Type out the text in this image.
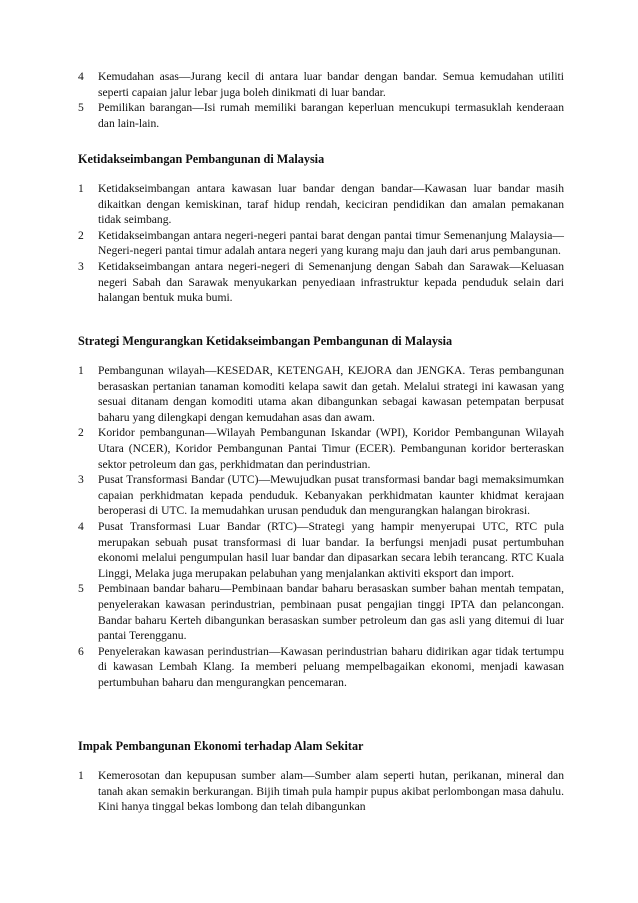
4 Kemudahan asas—Jurang kecil di antara luar bandar dengan bandar. Semua kemudahan utiliti seperti capaian jalur lebar juga boleh dinikmati di luar bandar.

5 Pemilikan barangan—Isi rumah memiliki barangan keperluan mencukupi termasuklah kenderaan dan lain-lain.

Ketidakseimbangan Pembangunan di Malaysia

1 Ketidakseimbangan antara kawasan luar bandar dengan bandar—Kawasan luar bandar masih dikaitkan dengan kemiskinan, taraf hidup rendah, keciciran pendidikan dan amalan pemakanan tidak seimbang.

2 Ketidakseimbangan antara negeri-negeri pantai barat dengan pantai timur Semenanjung Malaysia— Negeri-negeri pantai timur adalah antara negeri yang kurang maju dan jauh dari arus pembangunan.

3 Ketidakseimbangan antara negeri-negeri di Semenanjung dengan Sabah dan Sarawak—Keluasan negeri Sabah dan Sarawak menyukarkan penyediaan infrastruktur kepada penduduk selain dari halangan bentuk muka bumi.

Strategi Mengurangkan Ketidakseimbangan Pembangunan di Malaysia

1 Pembangunan wilayah—KESEDAR, KETENGAH, KEJORA dan JENGKA. Teras pembangunan berasaskan pertanian tanaman komoditi kelapa sawit dan getah. Melalui strategi ini kawasan yang sesuai ditanam dengan komoditi utama akan dibangunkan sebagai kawasan petempatan berpusat baharu yang dilengkapi dengan kemudahan asas dan awam.

2 Koridor pembangunan—Wilayah Pembangunan Iskandar (WPI), Koridor Pembangunan Wilayah Utara (NCER), Koridor Pembangunan Pantai Timur (ECER). Pembangunan koridor berteraskan sektor petroleum dan gas, perkhidmatan dan perindustrian.

3 Pusat Transformasi Bandar (UTC)—Mewujudkan pusat transformasi bandar bagi memaksimumkan capaian perkhidmatan kepada penduduk. Kebanyakan perkhidmatan kaunter khidmat kerajaan beroperasi di UTC. Ia memudahkan urusan penduduk dan mengurangkan halangan birokrasi.

4 Pusat Transformasi Luar Bandar (RTC)—Strategi yang hampir menyerupai UTC, RTC pula merupakan sebuah pusat transformasi di luar bandar. Ia berfungsi menjadi pusat pertumbuhan ekonomi melalui pengumpulan hasil luar bandar dan dipasarkan secara lebih terancang. RTC Kuala Linggi, Melaka juga merupakan pelabuhan yang menjalankan aktiviti eksport dan import.

5 Pembinaan bandar baharu—Pembinaan bandar baharu berasaskan sumber bahan mentah tempatan, penyelerakan kawasan perindustrian, pembinaan pusat pengajian tinggi IPTA dan pelancongan. Bandar baharu Kerteh dibangunkan berasaskan sumber petroleum dan gas asli yang ditemui di luar pantai Terengganu.

6 Penyelerakan kawasan perindustrian—Kawasan perindustrian baharu didirikan agar tidak tertumpu di kawasan Lembah Klang. Ia memberi peluang mempelbagaikan ekonomi, menjadi kawasan pertumbuhan baharu dan mengurangkan pencemaran.

Impak Pembangunan Ekonomi terhadap Alam Sekitar

1 Kemerosotan dan kepupusan sumber alam—Sumber alam seperti hutan, perikanan, mineral dan tanah akan semakin berkurangan. Bijih timah pula hampir pupus akibat perlombongan masa dahulu. Kini hanya tinggal bekas lombong dan telah dibangunkan
